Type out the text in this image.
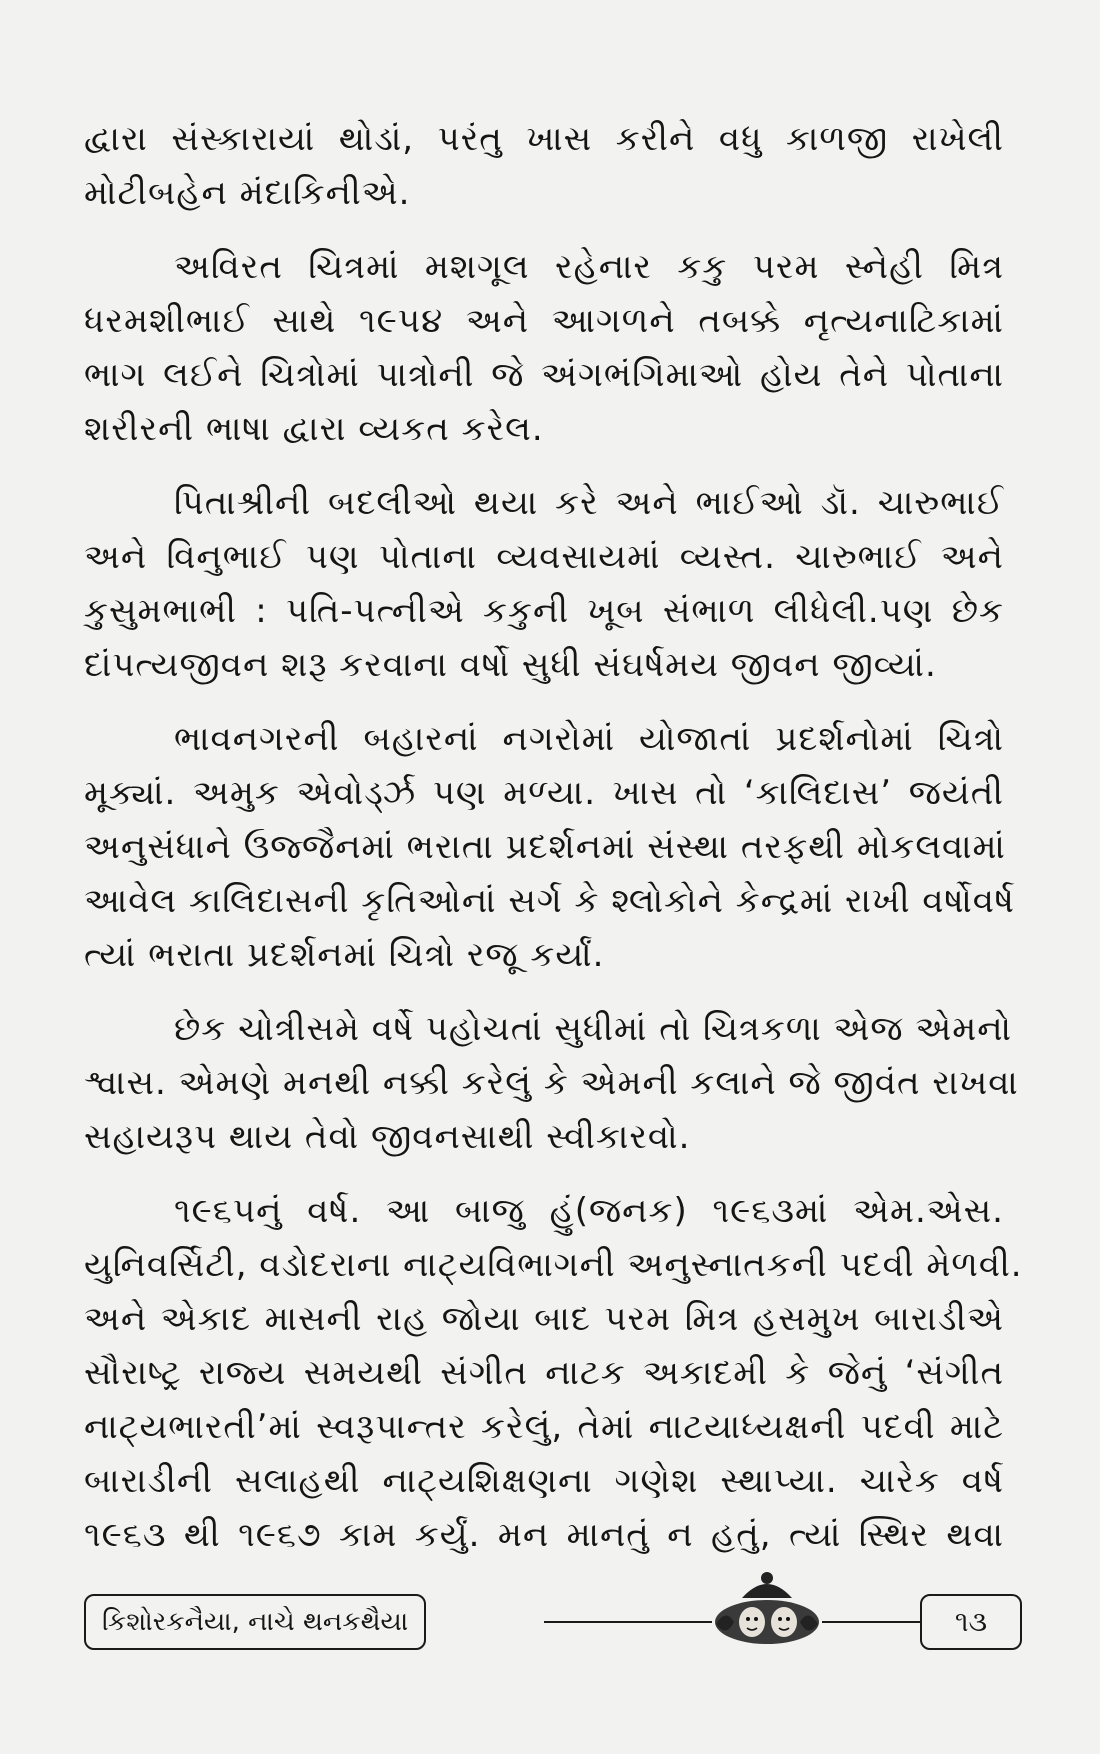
દ્વારા સંસ્કારાયાં થોડાં, પરંતુ ખાસ કરીને વધુ કાળજી રાખેલી
મોટીબહેન મંદાકિનીએ.
અવિરત ચિત્રમાં મશગૂલ રહેનાર કકુ પરમ સ્નેહી મિત્ર
ધરમશીભાઈ સાથે ૧૯૫૪ અને આગળને તબક્કે નૃત્યનાટિકામાં
ભાગ લઈને ચિત્રોમાં પાત્રોની જે અંગભંગિમાઓ હોય તેને પોતાના
શરીરની ભાષા દ્વારા વ્યકત કરેલ.
પિતાશ્રીની બદલીઓ થયા કરે અને ભાઈઓ ડૉ. ચારુભાઈ
અને વિનુભાઈ પણ પોતાના વ્યવસાયમાં વ્યસ્ત. ચારુભાઈ અને
કુસુમભાભી : પતિ-પત્નીએ કકુની ખૂબ સંભાળ લીધેલી.પણ છેક
દાંપત્યજીવન શરૂ કરવાના વર્ષો સુધી સંઘર્ષમય જીવન જીવ્યાં.
ભાવનગરની બહારનાં નગરોમાં યોજાતાં પ્રદર્શનોમાં ચિત્રો
મૂક્યાં. અમુક એવોર્ડ્ઝ પણ મળ્યા. ખાસ તો ‘કાલિદાસ’ જયંતી
અનુસંધાને ઉજ્જૈનમાં ભરાતા પ્રદર્શનમાં સંસ્થા તરફથી મોકલવામાં
આવેલ કાલિદાસની કૃતિઓનાં સર્ગ કે શ્લોકોને કેન્દ્રમાં રાખી વર્ષોવર્ષ
ત્યાં ભરાતા પ્રદર્શનમાં ચિત્રો રજૂ કર્યાં.
છેક ચોત્રીસમે વર્ષે પહોચતાં સુધીમાં તો ચિત્રકળા એજ એમનો
શ્વાસ. એમણે મનથી નક્કી કરેલું કે એમની કલાને જે જીવંત રાખવા
સહાયરૂપ થાય તેવો જીવનસાથી સ્વીકારવો.
૧૯૬૫નું વર્ષ. આ બાજુ હું(જનક) ૧૯૬૩માં એમ.એસ.
યુનિવર્સિટી, વડોદરાના નાટ્યવિભાગની અનુસ્નાતકની પદવી મેળવી.
અને એકાદ માસની રાહ જોયા બાદ પરમ મિત્ર હસમુખ બારાડીએ
સૌરાષ્ટ્ર રાજ્ય સમયથી સંગીત નાટક અકાદમી કે જેનું ‘સંગીત
નાટ્યભારતી’માં સ્વરૂપાન્તર કરેલું, તેમાં નાટયાધ્યક્ષની પદવી માટે
બારાડીની સલાહથી નાટ્યશિક્ષણના ગણેશ સ્થાપ્યા. ચારેક વર્ષ
૧૯૬૩ થી ૧૯૬૭ કામ કર્યું. મન માનતું ન હતું, ત્યાં સ્થિર થવા
કિશોરકનૈયા, નાચે થનકથૈયા	૧૩
